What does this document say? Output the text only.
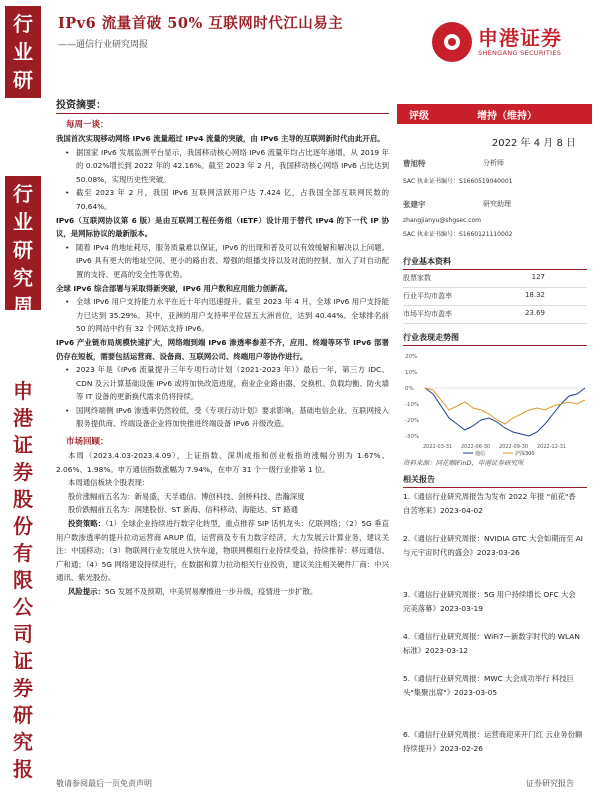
行
业
研
行
业
研
究
周
申
港
证
券
股
份
有
限
公
司
证
券
研
究
报
IPv6 流量首破 50% 互联网时代江山易主
——通信行业研究周报	申港证券
SHENGANG SECURITIES
投资摘要：
每周一谈：
我国首次实现移动网络 IPv6 流量超过 IPv4 流量的突破，由 IPv6 主导的互联网新时代由此开启。
• 据国家 IPv6 发展监测平台显示，我国移动核心网络 IPv6 流量年均占比逐年递增，从 2019 年的 0.02%增长到 2022 年的 42.16%。截至 2023 年 2 月，我国移动核心网络 IPv6 占比达到 50.08%，实现历史性突破。
• 截至 2023 年 2 月，我国 IPv6 互联网活跃用户达 7.424 亿，占我国全部互联网民数的 70.64%。
IPv6（互联网协议第 6 版）是由互联网工程任务组（IETF）设计用于替代 IPv4 的下一代 IP 协议，是网际协议的最新版本。
• 随着 IPv4 的地址耗尽，服务质量难以保证，IPv6 的出现和普及可以有效缓解和解决以上问题。IPv6 具有更大的地址空间、更小的路由表、增强的组播支持以及对流的控制、加入了对自动配置的支持、更高的安全性等优势。
全球 IPv6 综合部署与采取得新突破，IPv6 用户数和应用能力创新高。
• 全球 IPv6 用户支持能力水平在近十年内迅速提升。截至 2023 年 4 月，全球 IPv6 用户支持能力已达到 35.29%。其中，亚洲的用户支持率平位居五大洲首位，达到 40.44%。全球排名前 50 的网站中约有 32 个网站支持 IPv6。
IPv6 产业链布局规模快速扩大，网络端到端 IPv6 渗透率参差不齐，应用、终端等环节 IPv6 部署仍存在短板，需要包括运营商、设备商、互联网公司、终端用户等协作进行。
• 2023 年是《IPv6 流量提升三年专项行动计划（2021-2023 年）》最后一年，第三方 IDC、CDN 及云计算基础设施 IPv6 或将加快改造进度，商业企业路由器、交换机、负载均衡、防火墙等 IT 设备的更新换代需求仍将持续。
• 国网终端侧 IPv6 渗透率仍然较低，受《专项行动计划》要求影响，基础电信企业、互联网接入服务提供商、终端设备企业将加快推进终端设备 IPv6 升级改造。
市场回顾：
本周（2023.4.03-2023.4.09），上证指数、深圳成指和创业板指的涨幅分别为 1.67%、2.06%、1.98%。申万通信指数涨幅为 7.94%，在申万 31 个一级行业排第 1 位。
本周通信板块个股表现：
股价涨幅前五名为：新易盛、天孚通信、博创科技、剑桥科技、浩瀚深度
股价跌幅前五名为：润建股份、ST 新海、信科移动、海能达、ST 路通
投资策略：（1）全球企业持续进行数字化转型，重点推荐 SIP 话机龙头：亿联网络；（2）5G 垂直用户数渗透率的提升拉动运营商 ARUP 值，运营商及专有力数字经济，大力发展云计算业务，建议关注：中国移动；（3）物联网行业发展进入快车道，物联网模组行业持续受益，持续推荐：移远通信、广和通；（4）5G 网络建设持续进行，在数据和算力拉动相关行业投资，建议关注相关硬件厂商：中兴通讯、紫光股份。
风险提示：5G 发展不及预期，中美贸易摩擦进一步升级，疫情进一步扩散。
评级	增持（维持）
2022 年 4 月 8 日
曹旭特	分析师
SAC 执业证书编号：S1660519040001
张建宇	研究助理
zhangjianyu@shgsec.com
SAC 执业证书编号：S1660121110002
行业基本资料
股票家数	127
行业平均市盈率	18.32
市场平均市盈率	23.69
行业表现走势图
20%
10%
0%
-10%
-20%
-30%
2022-03-31 2022-06-30 2022-09-30 2022-12-31
通信	沪深300
资料来源：同花顺iFinD，申港证券研究所
相关报告
1.《通信行业研究周报告为发布 2022 年报 "前花"香自苦寒来》2023-04-02
2.《通信行业研究周报：NVIDIA GTC 大会如期而至 AI 与元宇宙时代的盛会》2023-03-26
3.《通信行业研究周报：5G 用户持续增长 OFC 大会完美落幕》2023-03-19
4.《通信行业研究周报：WiFi7—新数字时代的 WLAN 标准》2023-03-12
5.《通信行业研究周报：MWC 大会成功举行 科技巨头"集聚出席"》2023-03-05
6.《通信行业研究周报：运营商迎来开门红 云业务份额持续提升》2023-02-26
敬请参阅最后一页免责声明	证券研究报告
